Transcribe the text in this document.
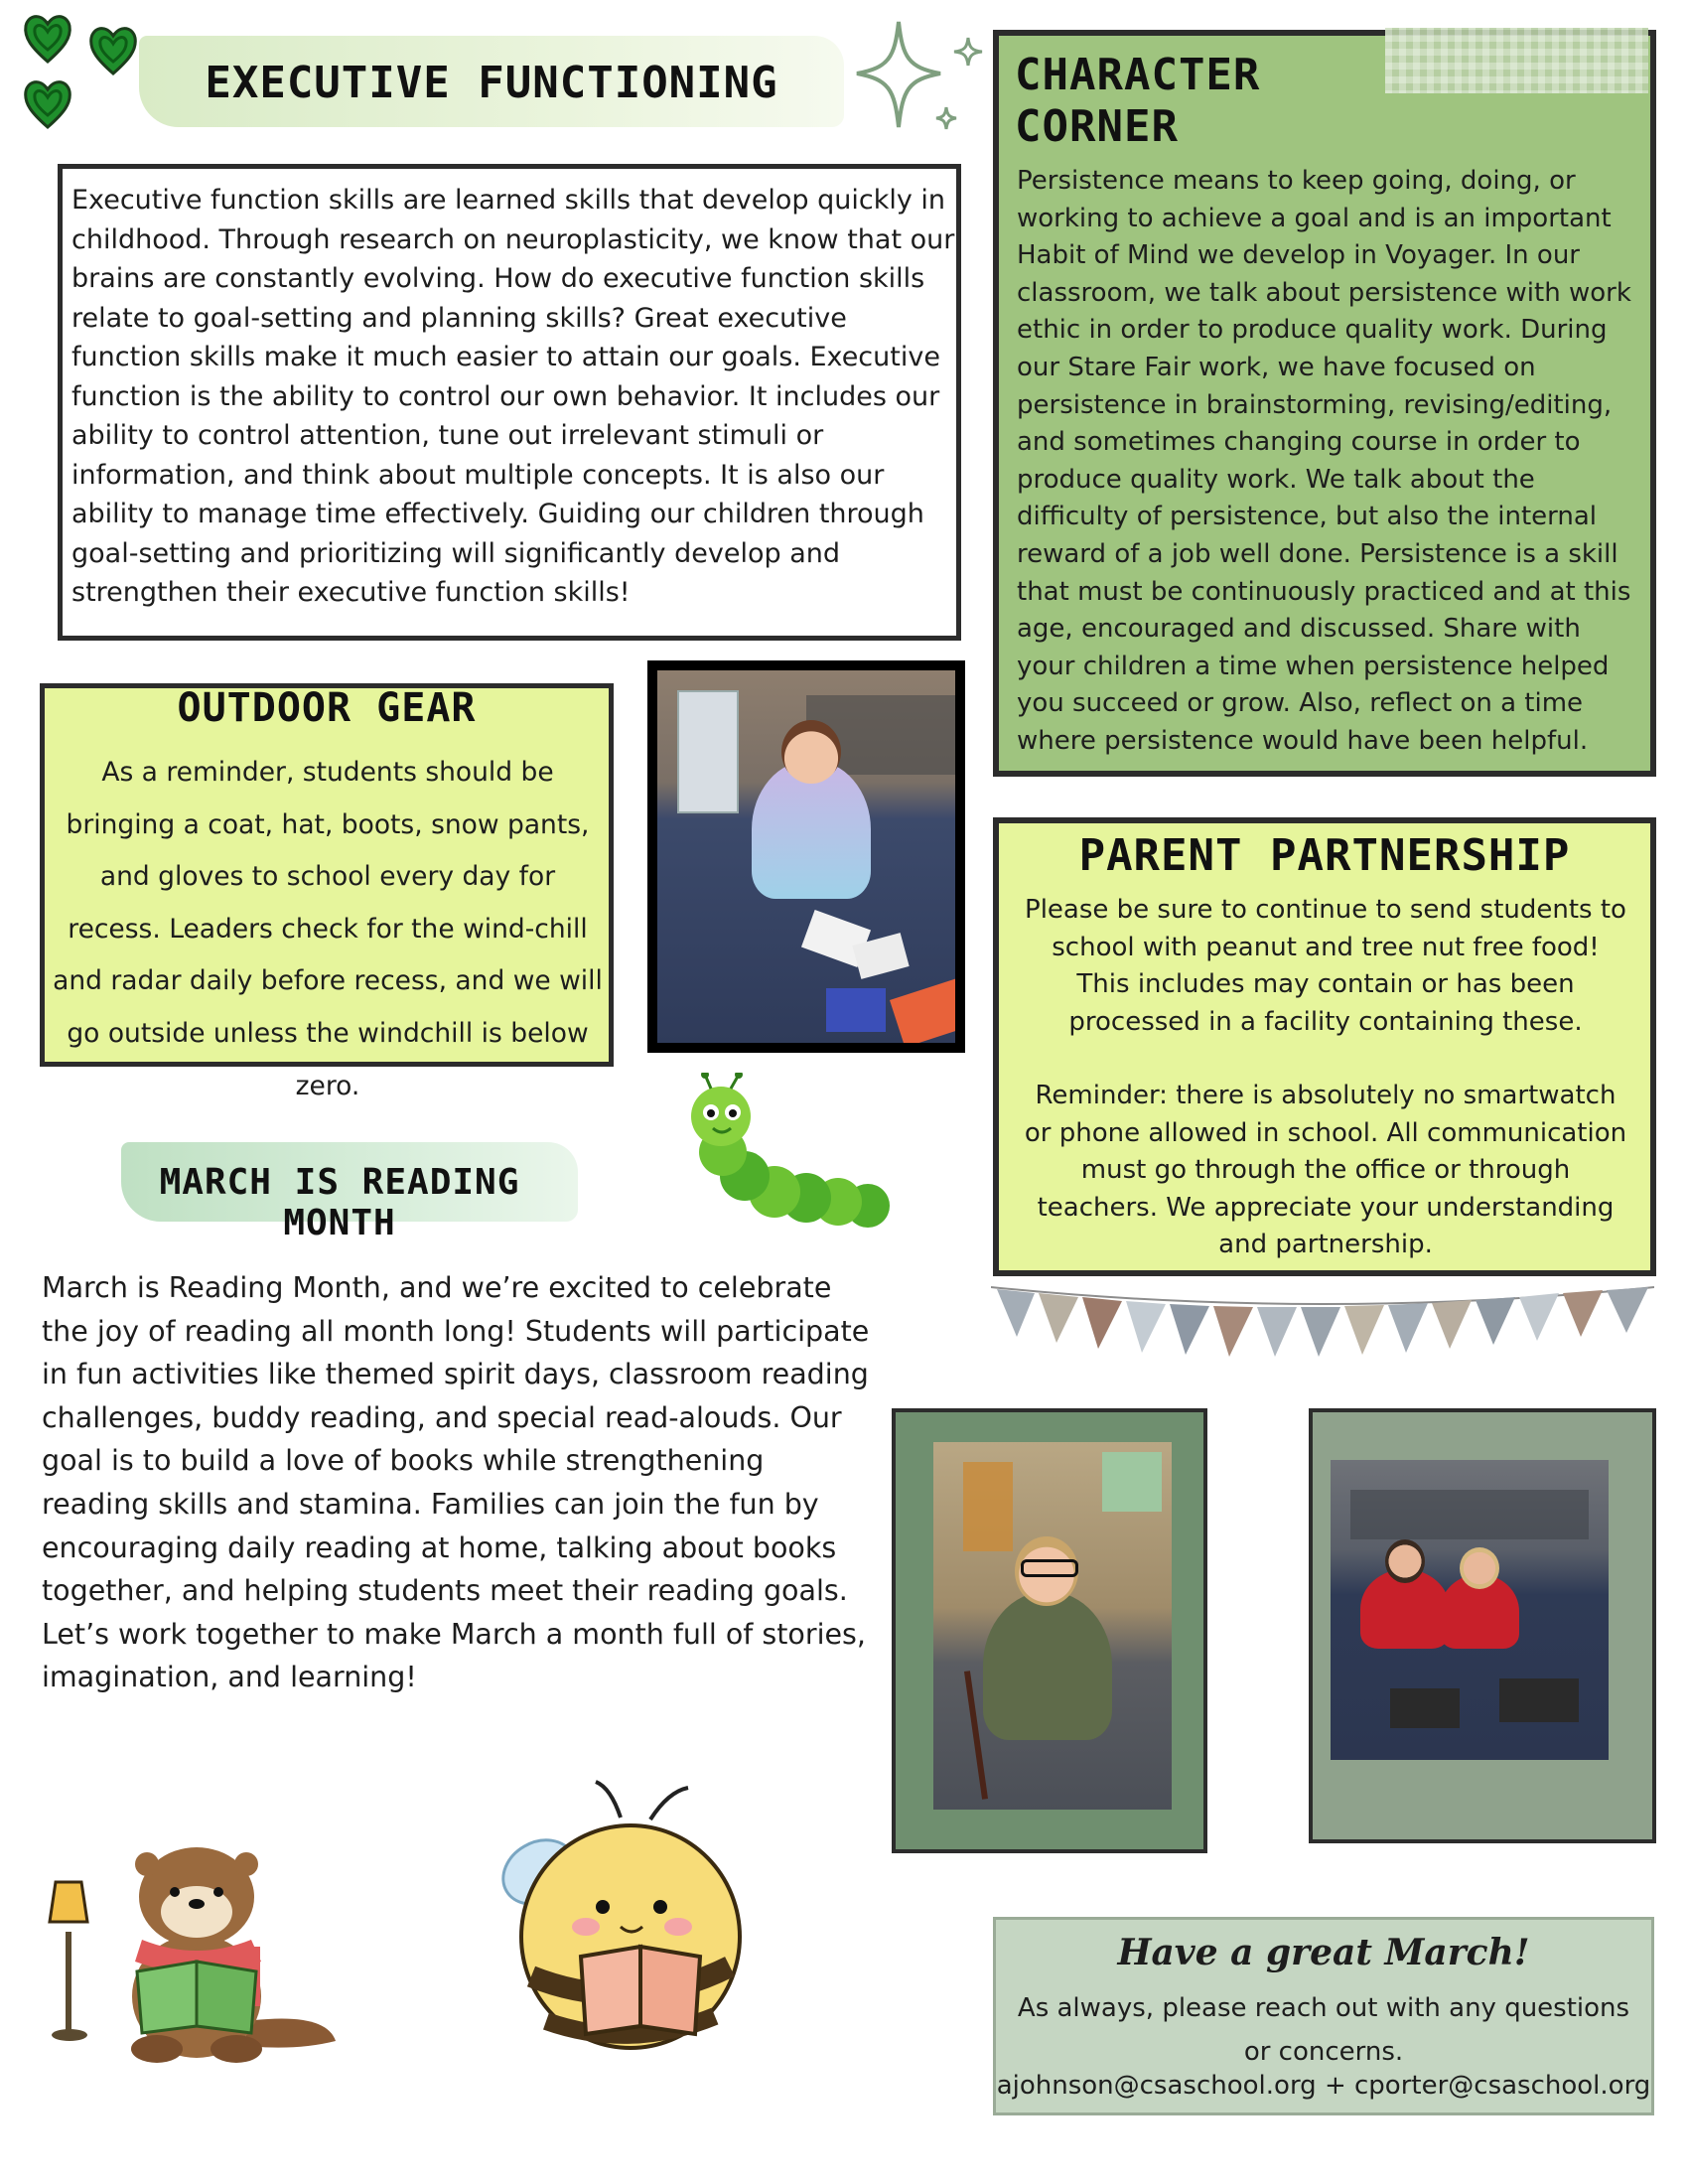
EXECUTIVE FUNCTIONING
Executive function skills are learned skills that develop quickly in childhood. Through research on neuroplasticity, we know that our brains are constantly evolving. How do executive function skills relate to goal-setting and planning skills? Great executive function skills make it much easier to attain our goals. Executive function is the ability to control our own behavior. It includes our ability to control attention, tune out irrelevant stimuli or information, and think about multiple concepts. It is also our ability to manage time effectively. Guiding our children through goal-setting and prioritizing will significantly develop and strengthen their executive function skills!
CHARACTER
CORNER
Persistence means to keep going, doing, or working to achieve a goal and is an important Habit of Mind we develop in Voyager. In our classroom, we talk about persistence with work ethic in order to produce quality work. During our Stare Fair work, we have focused on persistence in brainstorming, revising/editing, and sometimes changing course in order to produce quality work. We talk about the difficulty of persistence, but also the internal reward of a job well done. Persistence is a skill that must be continuously practiced and at this age, encouraged and discussed. Share with your children a time when persistence helped you succeed or grow. Also, reflect on a time where persistence would have been helpful.
OUTDOOR GEAR
As a reminder, students should be bringing a coat, hat, boots, snow pants, and gloves to school every day for recess. Leaders check for the wind-chill and radar daily before recess, and we will go outside unless the windchill is below zero.
PARENT PARTNERSHIP
Please be sure to continue to send students to school with peanut and tree nut free food! This includes may contain or has been processed in a facility containing these.
Reminder: there is absolutely no smartwatch or phone allowed in school. All communication must go through the office or through teachers. We appreciate your understanding and partnership.
MARCH IS READING MONTH
March is Reading Month, and we’re excited to celebrate the joy of reading all month long! Students will participate in fun activities like themed spirit days, classroom reading challenges, buddy reading, and special read-alouds. Our goal is to build a love of books while strengthening reading skills and stamina. Families can join the fun by encouraging daily reading at home, talking about books together, and helping students meet their reading goals. Let’s work together to make March a month full of stories, imagination, and learning!
Have a great March!
As always, please reach out with any questions or concerns.
ajohnson@csaschool.org + cporter@csaschool.org
